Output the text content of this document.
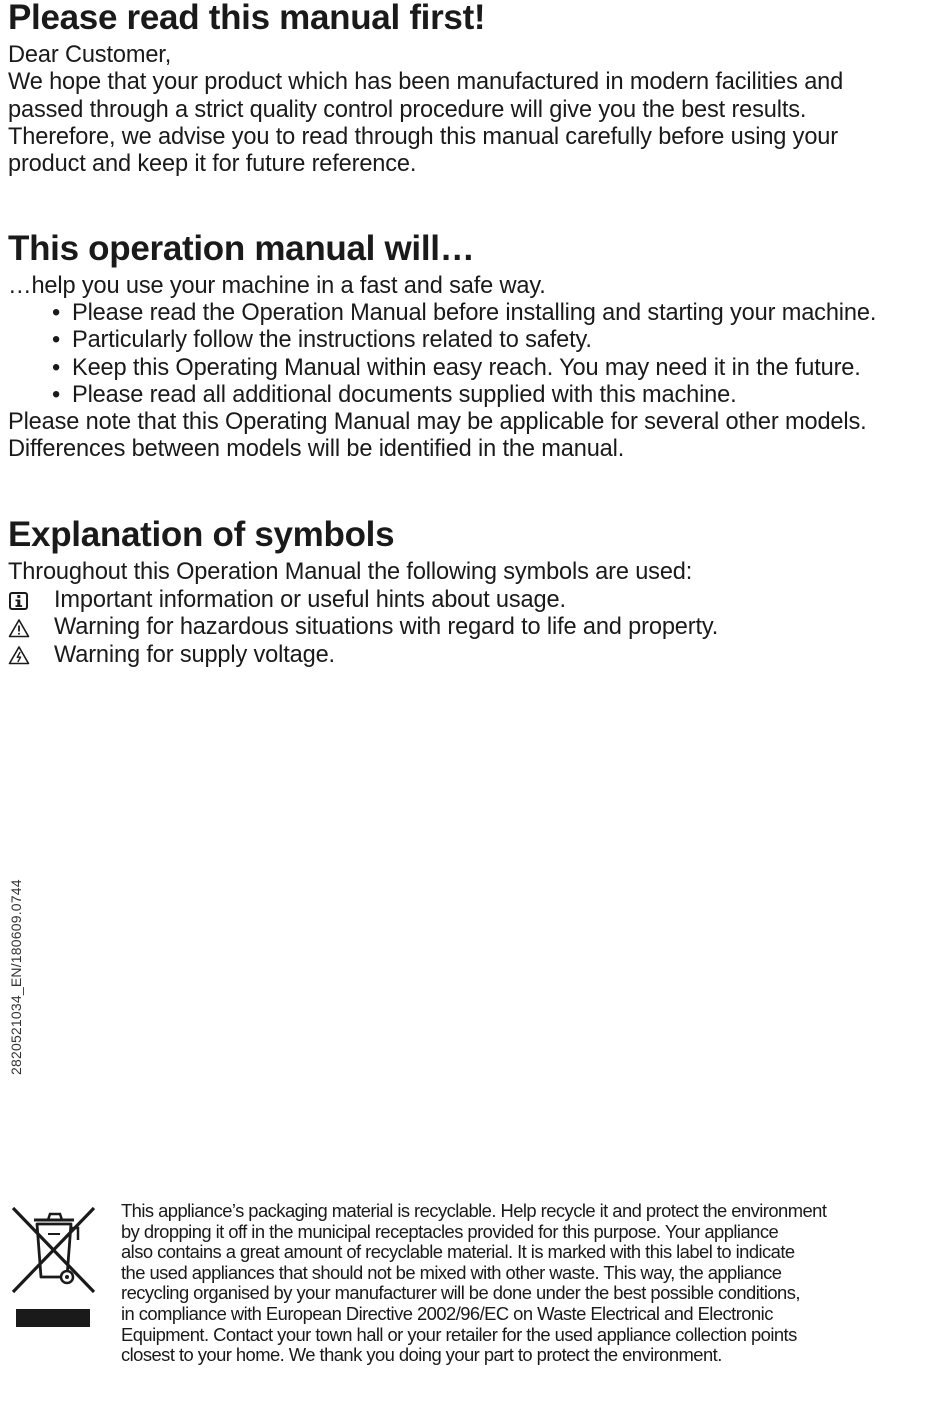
Please read this manual first!
Dear Customer,
We hope that your product which has been manufactured in modern facilities and
passed through a strict quality control procedure will give you the best results.
Therefore, we advise you to read through this manual carefully before using your
product and keep it for future reference.
This operation manual will…
…help you use your machine in a fast and safe way.
• Please read the Operation Manual before installing and starting your machine.
• Particularly follow the instructions related to safety.
• Keep this Operating Manual within easy reach. You may need it in the future.
• Please read all additional documents supplied with this machine.
Please note that this Operating Manual may be applicable for several other models.
Differences between models will be identified in the manual.
Explanation of symbols
Throughout this Operation Manual the following symbols are used:
Important information or useful hints about usage.
Warning for hazardous situations with regard to life and property.
Warning for supply voltage.
2820521034_EN/180609.0744
This appliance’s packaging material is recyclable. Help recycle it and protect the environment
by dropping it off in the municipal receptacles provided for this purpose. Your appliance
also contains a great amount of recyclable material. It is marked with this label to indicate
the used appliances that should not be mixed with other waste. This way, the appliance
recycling organised by your manufacturer will be done under the best possible conditions,
in compliance with European Directive 2002/96/EC on Waste Electrical and Electronic
Equipment. Contact your town hall or your retailer for the used appliance collection points
closest to your home. We thank you doing your part to protect the environment.
